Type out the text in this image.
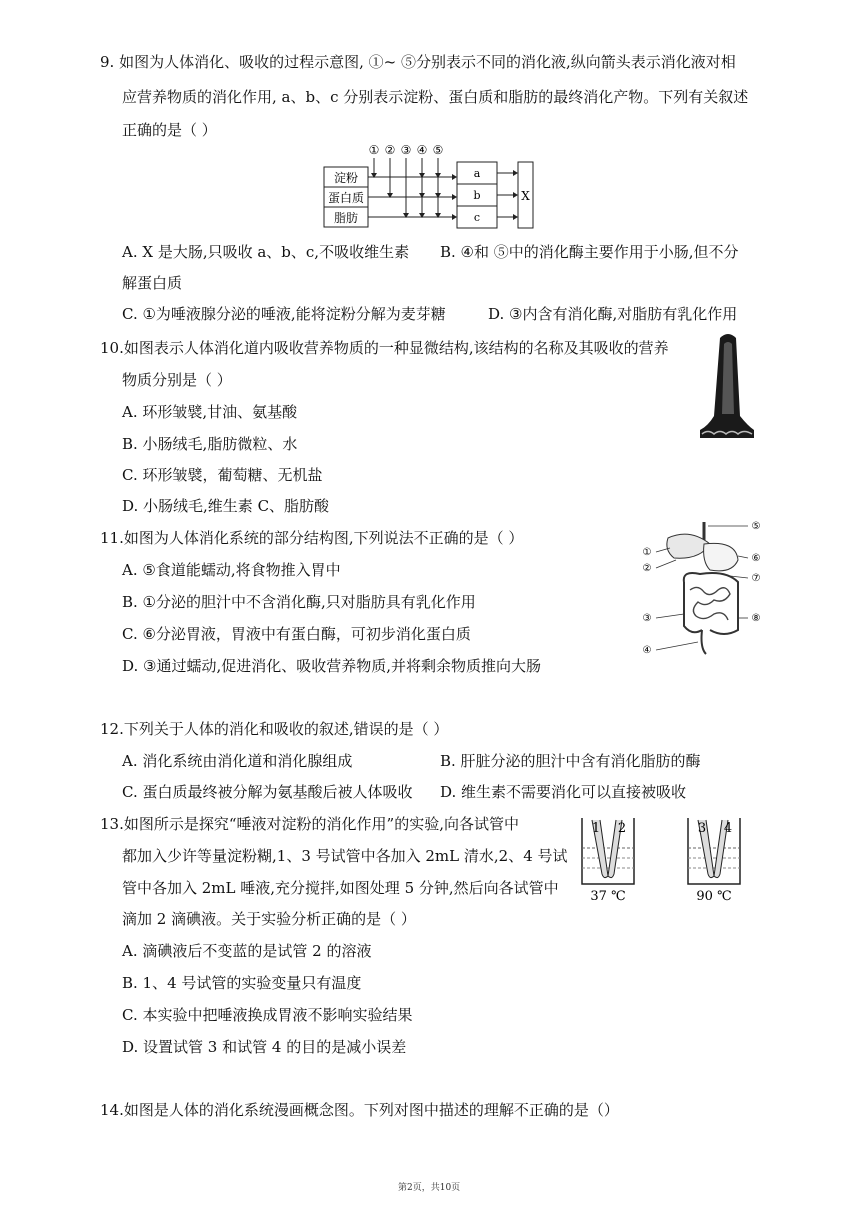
9. 如图为人体消化、吸收的过程示意图, ①~ ⑤分别表示不同的消化液,纵向箭头表示消化液对相
应营养物质的消化作用, a、b、c 分别表示淀粉、蛋白质和脂肪的最终消化产物。下列有关叙述
正确的是（ ）
① ② ③ ④ ⑤
淀粉
蛋白质
脂肪
a
b
c
X
A. X 是大肠,只吸收 a、b、c,不吸收维生素 B. ④和 ⑤中的消化酶主要作用于小肠,但不分
解蛋白质
C. ①为唾液腺分泌的唾液,能将淀粉分解为麦芽糖	D. ③内含有消化酶,对脂肪有乳化作用
10.如图表示人体消化道内吸收营养物质的一种显微结构,该结构的名称及其吸收的营养
物质分别是（ ）
A. 环形皱襞,甘油、氨基酸
B. 小肠绒毛,脂肪微粒、水
C. 环形皱襞，葡萄糖、无机盐
D. 小肠绒毛,维生素 C、脂肪酸
11.如图为人体消化系统的部分结构图,下列说法不正确的是（ ）
A. ⑤食道能蠕动,将食物推入胃中
B. ①分泌的胆汁中不含消化酶,只对脂肪具有乳化作用
C. ⑥分泌胃液，胃液中有蛋白酶，可初步消化蛋白质
D. ③通过蠕动,促进消化、吸收营养物质,并将剩余物质推向大肠
①
②
③
④
⑤
⑥
⑦
⑧
12.下列关于人体的消化和吸收的叙述,错误的是（ ）
A. 消化系统由消化道和消化腺组成	B. 肝脏分泌的胆汁中含有消化脂肪的酶
C. 蛋白质最终被分解为氨基酸后被人体吸收 D. 维生素不需要消化可以直接被吸收
13.如图所示是探究“唾液对淀粉的消化作用”的实验,向各试管中
都加入少许等量淀粉糊,1、3 号试管中各加入 2mL 清水,2、4 号试
管中各加入 2mL 唾液,充分搅拌,如图处理 5 分钟,然后向各试管中
滴加 2 滴碘液。关于实验分析正确的是（ ）
A. 滴碘液后不变蓝的是试管 2 的溶液
B. 1、4 号试管的实验变量只有温度
C. 本实验中把唾液换成胃液不影响实验结果
D. 设置试管 3 和试管 4 的目的是减小误差
1 2
37 ℃
3 4
90 ℃
14.如图是人体的消化系统漫画概念图。下列对图中描述的理解不正确的是（）
第2页，共10页
